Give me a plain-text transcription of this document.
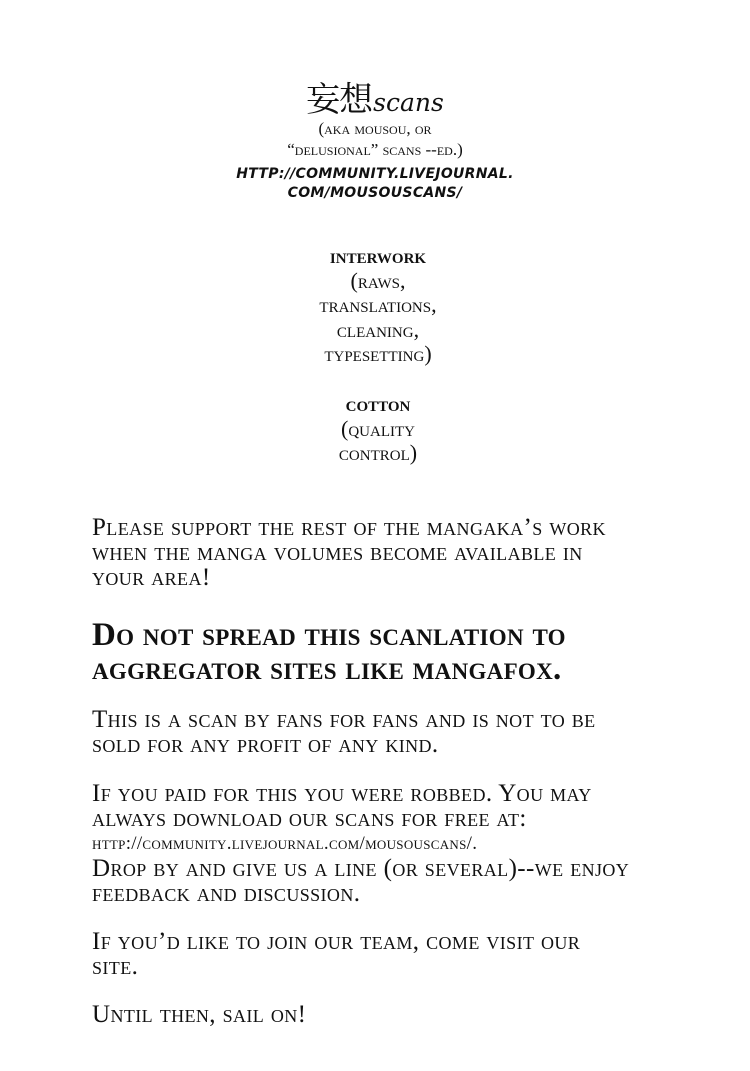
妄想scans
(aka mousou, or
“delusional” scans --ed.)
HTTP://COMMUNITY.LIVEJOURNAL.
COM/MOUSOUSCANS/
interwork
(raws,
translations,
cleaning,
typesetting)
cotton
(quality
control)
Please support the rest of the mangaka’s work
when the manga volumes become available in
your area!
Do not spread this scanlation to
aggregator sites like mangafox.
This is a scan by fans for fans and is not to be
sold for any profit of any kind.
If you paid for this you were robbed. You may
always download our scans for free at:
http://community.livejournal.com/mousouscans/.
Drop by and give us a line (or several)--we enjoy
feedback and discussion.
If you’d like to join our team, come visit our
site.
Until then, sail on!
